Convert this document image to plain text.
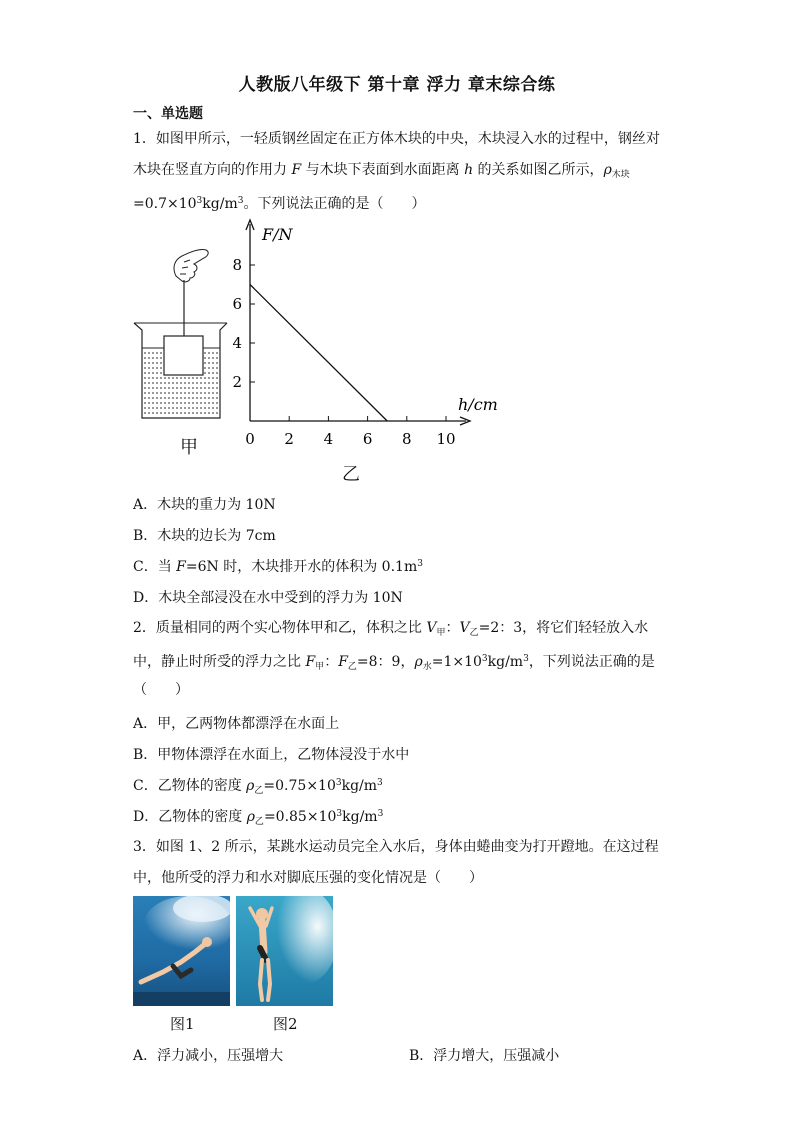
人教版八年级下 第十章 浮力 章末综合练
一、单选题
1．如图甲所示，一轻质钢丝固定在正方体木块的中央，木块浸入水的过程中，钢丝对
木块在竖直方向的作用力 F 与木块下表面到水面距离 h 的关系如图乙所示，$\rho_{木块}$
$=0.7\times 10^3kg/m^3$。下列说法正确的是（　　）
甲	0 2 4 6 8 10
2
4
6
8
F/N
h/cm
乙
A．木块的重力为 10N
B．木块的边长为 7cm
C．当 F=6N 时，木块排开水的体积为 $0.1m^3$
D．木块全部浸没在水中受到的浮力为 10N
2．质量相同的两个实心物体甲和乙，体积之比 $V_甲$：$V_乙=2$：3，将它们轻轻放入水
中，静止时所受的浮力之比 $F_甲$：$F_乙=8$：9，$\rho_水=1\times 10^3kg/m^3$，下列说法正确的是
（　　）
A．甲，乙两物体都漂浮在水面上
B．甲物体漂浮在水面上，乙物体浸没于水中
C．乙物体的密度 $\rho_乙=0.75\times 10^3kg/m^3$
D．乙物体的密度 $\rho_乙=0.85\times 10^3kg/m^3$
3．如图 1、2 所示，某跳水运动员完全入水后，身体由蜷曲变为打开蹬地。在这过程
中，他所受的浮力和水对脚底压强的变化情况是（　　）
图1	图2
A．浮力减小，压强增大	B．浮力增大，压强减小
